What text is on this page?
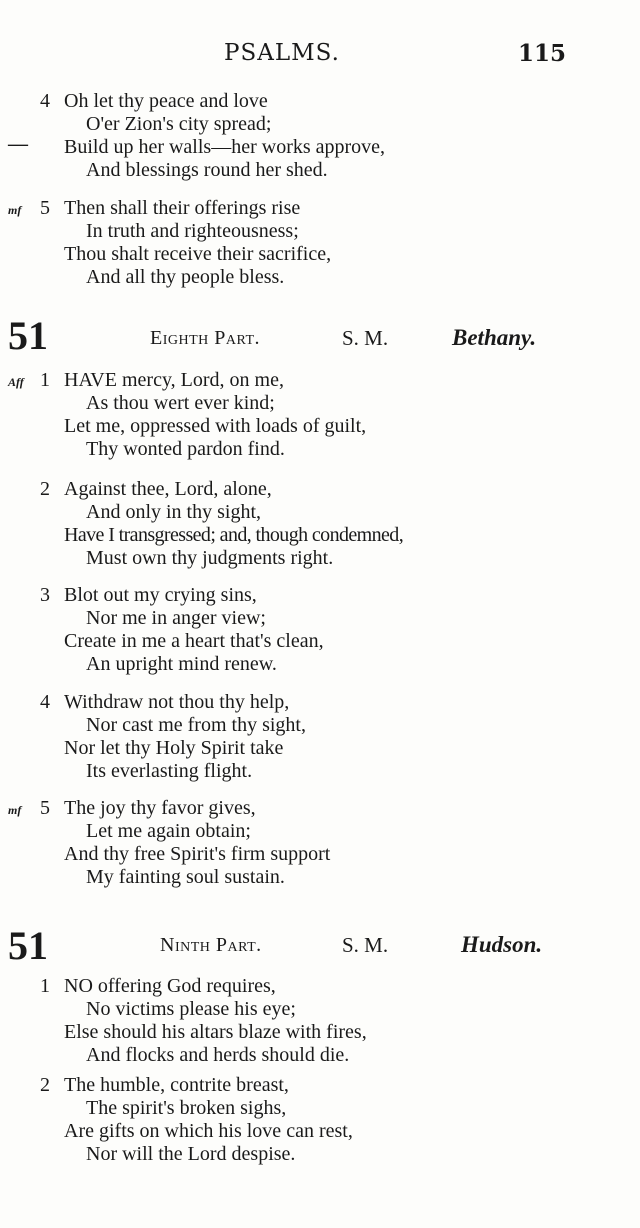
PSALMS.	115
4 Oh let thy peace and love
O'er Zion's city spread;
— Build up her walls—her works approve,
And blessings round her shed.
mf 5 Then shall their offerings rise
In truth and righteousness;
Thou shalt receive their sacrifice,
And all thy people bless.
51	Eighth Part.	S. M.	Bethany.
Aff 1 HAVE mercy, Lord, on me,
As thou wert ever kind;
Let me, oppressed with loads of guilt,
Thy wonted pardon find.
2 Against thee, Lord, alone,
And only in thy sight,
Have I transgressed; and, though condemned,
Must own thy judgments right.
3 Blot out my crying sins,
Nor me in anger view;
Create in me a heart that's clean,
An upright mind renew.
4 Withdraw not thou thy help,
Nor cast me from thy sight,
Nor let thy Holy Spirit take
Its everlasting flight.
mf 5 The joy thy favor gives,
Let me again obtain;
And thy free Spirit's firm support
My fainting soul sustain.
51	Ninth Part.	S. M.	Hudson.
1 NO offering God requires,
No victims please his eye;
Else should his altars blaze with fires,
And flocks and herds should die.
2 The humble, contrite breast,
The spirit's broken sighs,
Are gifts on which his love can rest,
Nor will the Lord despise.
